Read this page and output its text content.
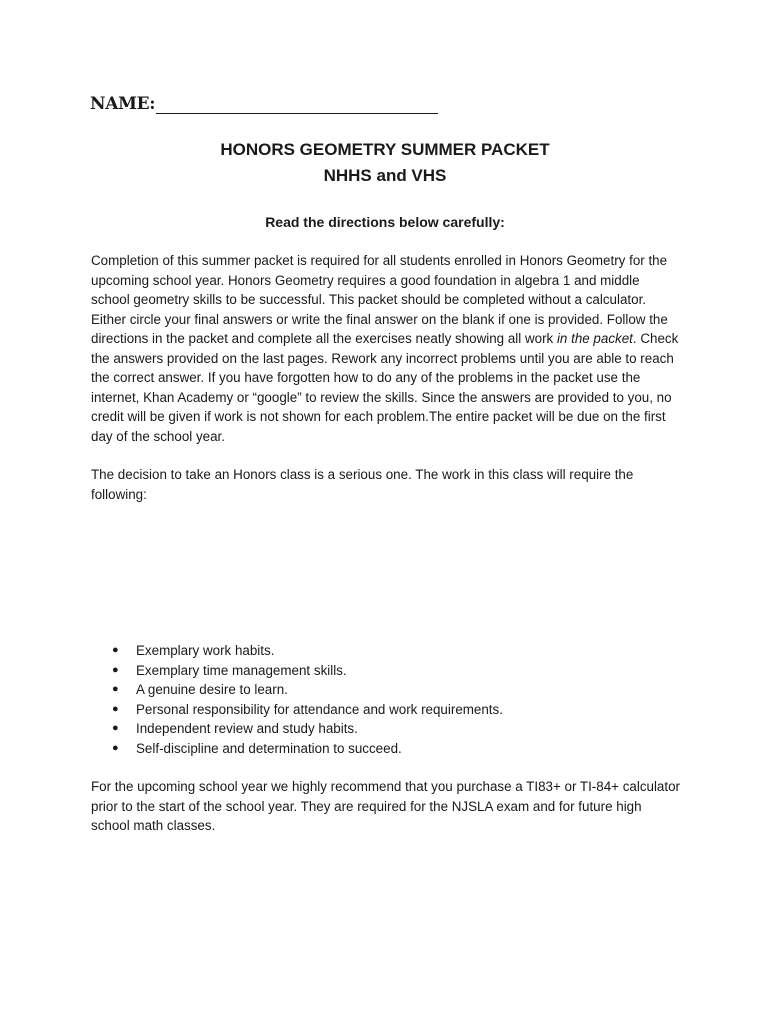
NAME:
HONORS GEOMETRY SUMMER PACKET
NHHS and VHS
Read the directions below carefully:
Completion of this summer packet is required for all students enrolled in Honors Geometry for the upcoming school year. Honors Geometry requires a good foundation in algebra 1 and middle school geometry skills to be successful. This packet should be completed without a calculator. Either circle your final answers or write the final answer on the blank if one is provided. Follow the directions in the packet and complete all the exercises neatly showing all work in the packet. Check the answers provided on the last pages. Rework any incorrect problems until you are able to reach the correct answer. If you have forgotten how to do any of the problems in the packet use the internet, Khan Academy or “google” to review the skills. Since the answers are provided to you, no credit will be given if work is not shown for each problem.The entire packet will be due on the first day of the school year.
The decision to take an Honors class is a serious one. The work in this class will require the following:
● Exemplary work habits.
● Exemplary time management skills.
● A genuine desire to learn.
● Personal responsibility for attendance and work requirements.
● Independent review and study habits.
● Self-discipline and determination to succeed.
For the upcoming school year we highly recommend that you purchase a TI83+ or TI-84+ calculator prior to the start of the school year. They are required for the NJSLA exam and for future high school math classes.
